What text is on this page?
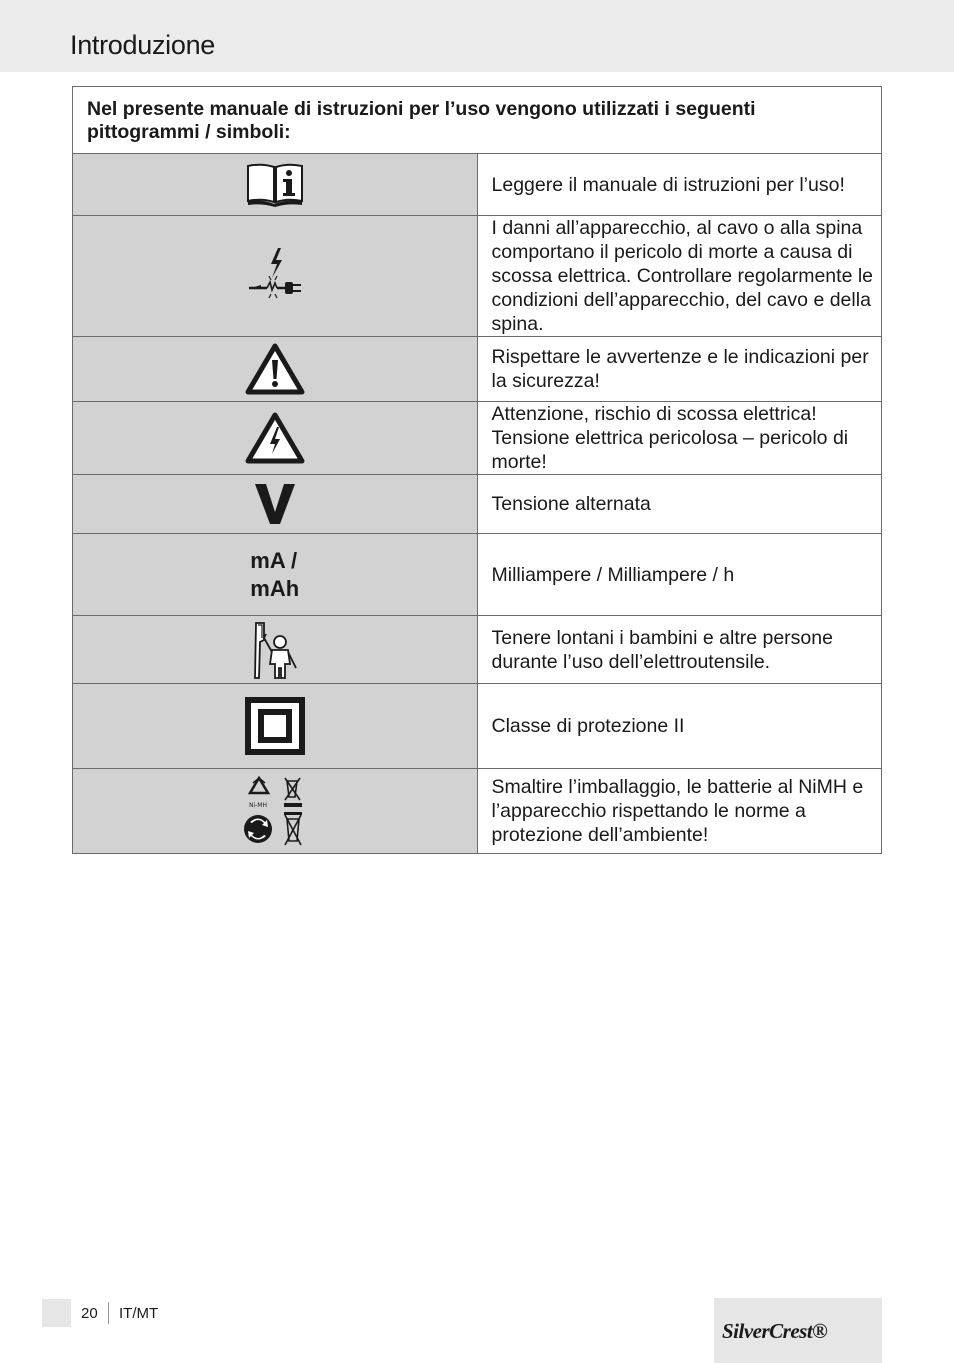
Introduzione
Nel presente manuale di istruzioni per l’uso vengono utilizzati i seguenti pittogrammi / simboli:	

	Leggere il manuale di istruzioni per l’uso!

	I danni all’apparecchio, al cavo o alla spina comportano il pericolo di morte a causa di scossa elettrica. Controllare regolarmente le condizioni dell’apparecchio, del cavo e della spina.

	Rispettare le avvertenze e le indicazioni per la sicurezza!

	Attenzione, rischio di scossa elettrica! Tensione elettrica pericolosa – pericolo di morte!

	Tensione alternata
mA /
mAh	Milliampere / Milliampere / h

	Tenere lontani i bambini e altre persone durante l’uso dell’elettroutensile.

	Classe di protezione II

Ni-MH	Smaltire l’imballaggio, le batterie al NiMH e l’apparecchio rispettando le norme a protezione dell’ambiente!
20 IT/MT
SilverCrest®
